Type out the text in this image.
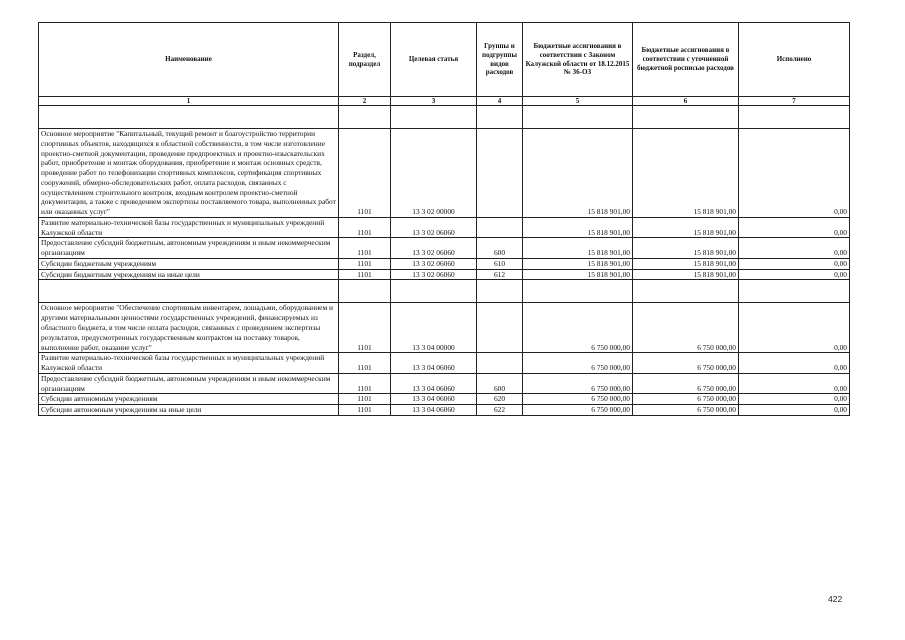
Наименование	Раздел, подраздел	Целевая статья	Группы и подгруппы видов расходов	Бюджетные ассигнования в соответствии с Законом Калужской области от 18.12.2015 № 36-ОЗ	Бюджетные ассигнования в соответствии с уточненной бюджетной росписью расходов	Исполнено
1	2	3	4	5	6	7

Основное мероприятие "Капитальный, текущий ремонт и благоустройство территории спортивных объектов, находящихся в областной собственности, в том числе изготовление проектно-сметной документации, проведение предпроектных и проектно-изыскательских работ, приобретение и монтаж оборудования, приобретение и монтаж основных средств, проведение работ по телефонизации спортивных комплексов, сертификация спортивных сооружений, обмерно-обследовательских работ, оплата расходов, связанных с осуществлением строительного контроля, входным контролем проектно-сметной документации, а также с проведением экспертизы поставляемого товара, выполненных работ или оказанных услуг"	1101	13 3 02 00000		15 818 901,00	15 818 901,00	0,00
Развитие материально-технической базы государственных и муниципальных учреждений Калужской области	1101	13 3 02 06060		15 818 901,00	15 818 901,00	0,00
Предоставление субсидий бюджетным, автономным учреждениям и иным некоммерческим организациям	1101	13 3 02 06060	600	15 818 901,00	15 818 901,00	0,00
Субсидии бюджетным учреждениям	1101	13 3 02 06060	610	15 818 901,00	15 818 901,00	0,00
Субсидии бюджетным учреждениям на иные цели	1101	13 3 02 06060	612	15 818 901,00	15 818 901,00	0,00

Основное мероприятие "Обеспечение спортивным инвентарем, лошадьми, оборудованием и другими материальными ценностями государственных учреждений, финансируемых из областного бюджета, в том числе оплата расходов, связанных с проведением экспертизы результатов, предусмотренных государственным контрактом на поставку товаров, выполнение работ, оказание услуг"	1101	13 3 04 00000		6 750 000,00	6 750 000,00	0,00
Развитие материально-технической базы государственных и муниципальных учреждений Калужской области	1101	13 3 04 06060		6 750 000,00	6 750 000,00	0,00
Предоставление субсидий бюджетным, автономным учреждениям и иным некоммерческим организациям	1101	13 3 04 06060	600	6 750 000,00	6 750 000,00	0,00
Субсидии автономным учреждениям	1101	13 3 04 06060	620	6 750 000,00	6 750 000,00	0,00
Субсидии автономным учреждениям на иные цели	1101	13 3 04 06060	622	6 750 000,00	6 750 000,00	0,00
422
